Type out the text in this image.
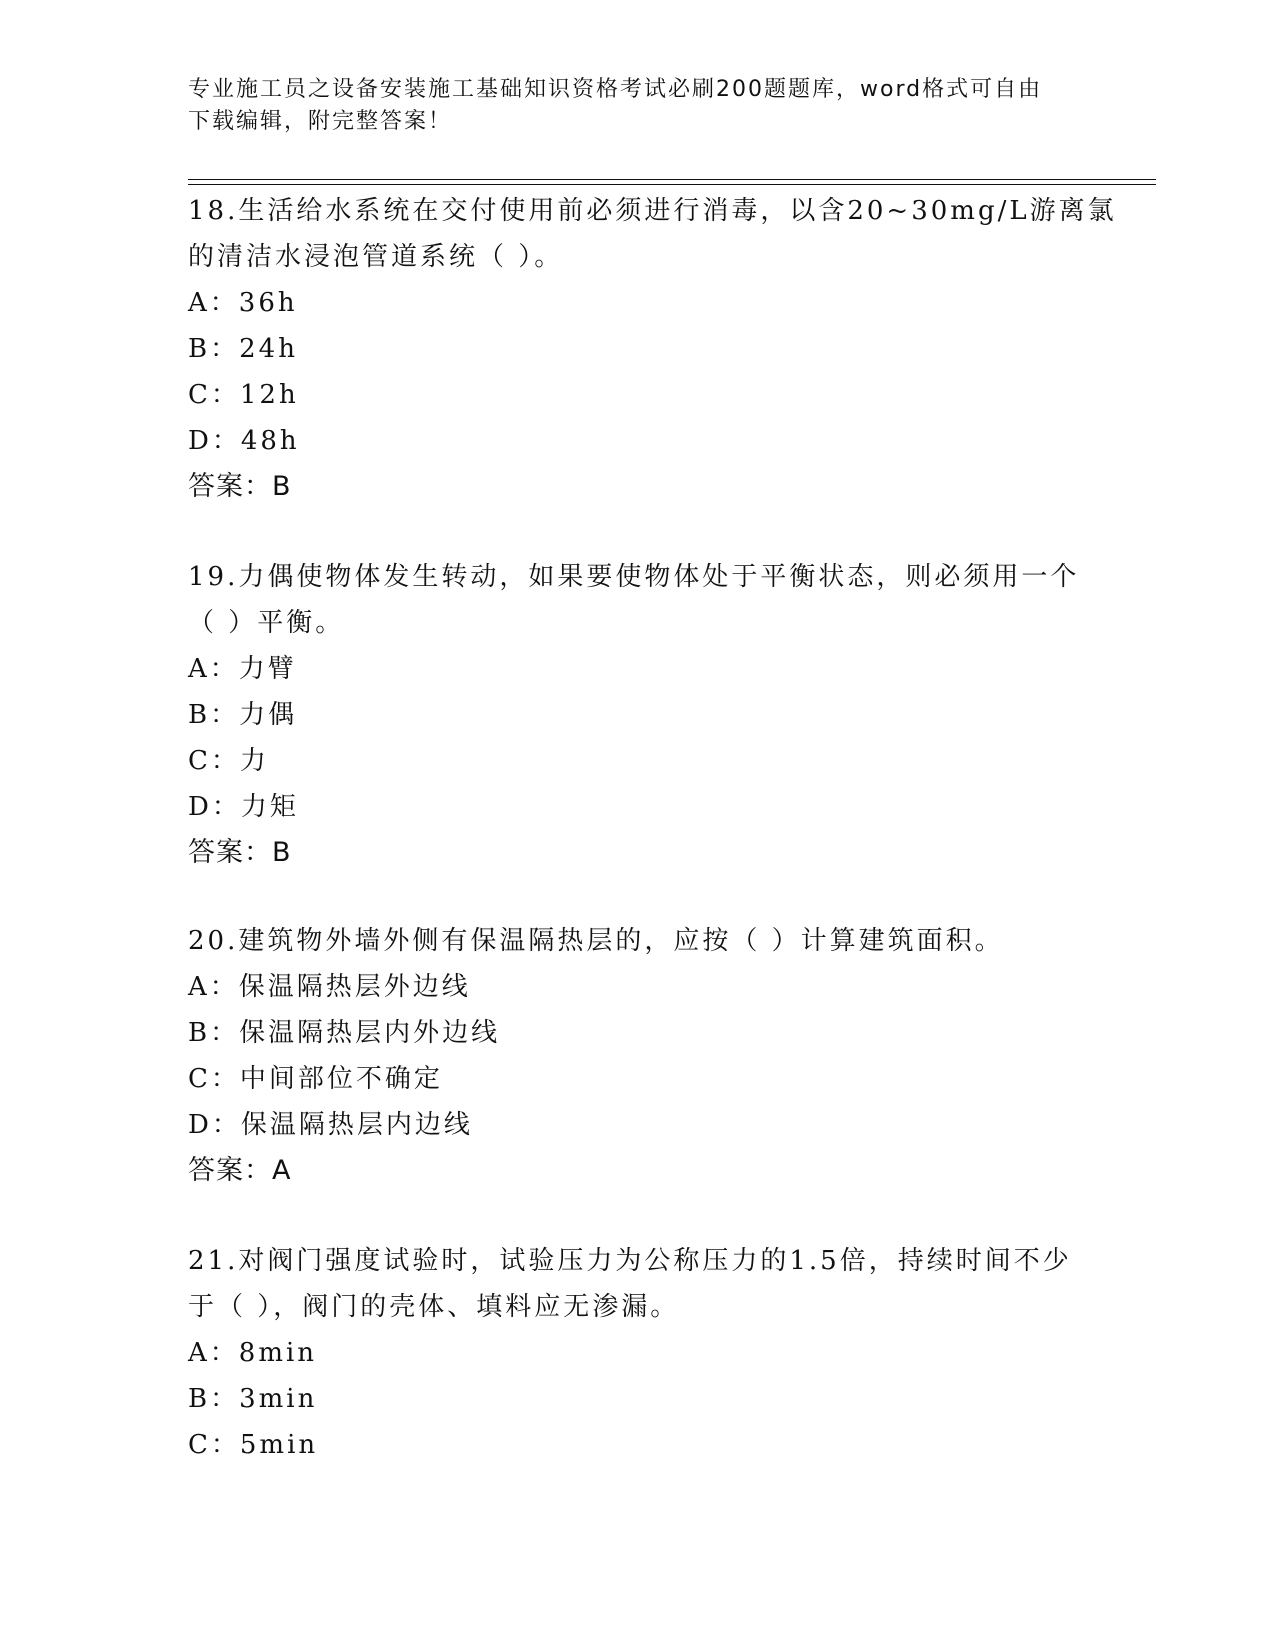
专业施工员之设备安装施工基础知识资格考试必刷200题题库，word格式可自由
下载编辑，附完整答案！
18.生活给水系统在交付使用前必须进行消毒，以含20~30mg/L游离氯
的清洁水浸泡管道系统（ ）。
A：36h
B：24h
C：12h
D：48h
答案：B
19.力偶使物体发生转动，如果要使物体处于平衡状态，则必须用一个
（ ）平衡。
A：力臂
B：力偶
C：力
D：力矩
答案：B
20.建筑物外墙外侧有保温隔热层的，应按（ ）计算建筑面积。
A：保温隔热层外边线
B：保温隔热层内外边线
C：中间部位不确定
D：保温隔热层内边线
答案：A
21.对阀门强度试验时，试验压力为公称压力的1.5倍，持续时间不少
于（ ），阀门的壳体、填料应无渗漏。
A：8min
B：3min
C：5min
